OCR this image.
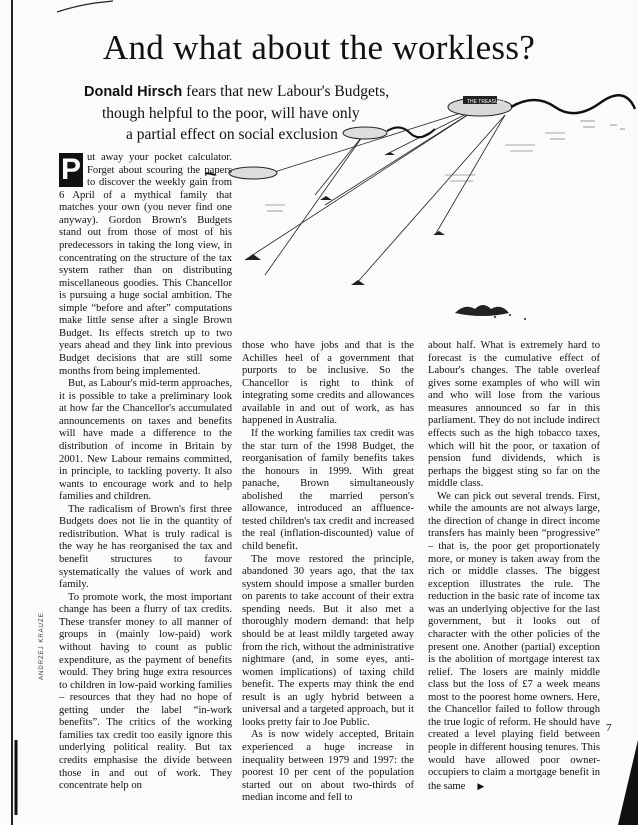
And what about the workless?
Donald Hirsch fears that new Labour's Budgets,
though helpful to the poor, will have only
a partial effect on social exclusion
THE TREASURY
P ut away your pocket calculator. Forget about scouring the papers to discover the weekly gain from 6 April of a mythical family that matches your own (you never find one anyway). Gordon Brown's Budgets stand out from those of most of his predecessors in taking the long view, in concentrating on the structure of the tax system rather than on distributing miscellaneous goodies. This Chancellor is pursuing a huge social ambition. The simple “before and after” computations make little sense after a single Brown Budget. Its effects stretch up to two years ahead and they link into previous Budget decisions that are still some months from being implemented.

But, as Labour's mid-term approaches, it is possible to take a preliminary look at how far the Chancellor's accumulated announcements on taxes and benefits will have made a difference to the distribution of income in Britain by 2001. New Labour remains committed, in principle, to tackling poverty. It also wants to encourage work and to help families and children.

The radicalism of Brown's first three Budgets does not lie in the quantity of redistribution. What is truly radical is the way he has reorganised the tax and benefit structures to favour systematically the values of work and family.

To promote work, the most important change has been a flurry of tax credits. These transfer money to all manner of groups in (mainly low-paid) work without having to count as public expenditure, as the payment of benefits would. They bring huge extra resources to children in low-paid working families – resources that they had no hope of getting under the label “in-work benefits”. The critics of the working families tax credit too easily ignore this underlying political reality. But tax credits emphasise the divide between those in and out of work. They concentrate help on

those who have jobs and that is the Achilles heel of a government that purports to be inclusive. So the Chancellor is right to think of integrating some credits and allowances available in and out of work, as has happened in Australia.

If the working families tax credit was the star turn of the 1998 Budget, the reorganisation of family benefits takes the honours in 1999. With great panache, Brown simultaneously abolished the married person's allowance, introduced an affluence-tested children's tax credit and increased the real (inflation-discounted) value of child benefit.

The move restored the principle, abandoned 30 years ago, that the tax system should impose a smaller burden on parents to take account of their extra spending needs. But it also met a thoroughly modern demand: that help should be at least mildly targeted away from the rich, without the administrative nightmare (and, in some eyes, anti-women implications) of taxing child benefit. The experts may think the end result is an ugly hybrid between a universal and a targeted approach, but it looks pretty fair to Joe Public.

As is now widely accepted, Britain experienced a huge increase in inequality between 1979 and 1997: the poorest 10 per cent of the population started out on about two-thirds of median income and fell to

about half. What is extremely hard to forecast is the cumulative effect of Labour's changes. The table overleaf gives some examples of who will win and who will lose from the various measures announced so far in this parliament. They do not include indirect effects such as the high tobacco taxes, which will hit the poor, or taxation of pension fund dividends, which is perhaps the biggest sting so far on the middle class.

We can pick out several trends. First, while the amounts are not always large, the direction of change in direct income transfers has mainly been “progressive” – that is, the poor get proportionately more, or money is taken away from the rich or middle classes. The biggest exception illustrates the rule. The reduction in the basic rate of income tax was an underlying objective for the last government, but it looks out of character with the other policies of the present one. Another (partial) exception is the abolition of mortgage interest tax relief. The losers are mainly middle class but the loss of £7 a week means most to the poorest home owners. Here, the Chancellor failed to follow through the true logic of reform. He should have created a level playing field between people in different housing tenures. This would have allowed poor owner-occupiers to claim a mortgage benefit in the same ▶

7
ANDRZEJ KRAUZE
